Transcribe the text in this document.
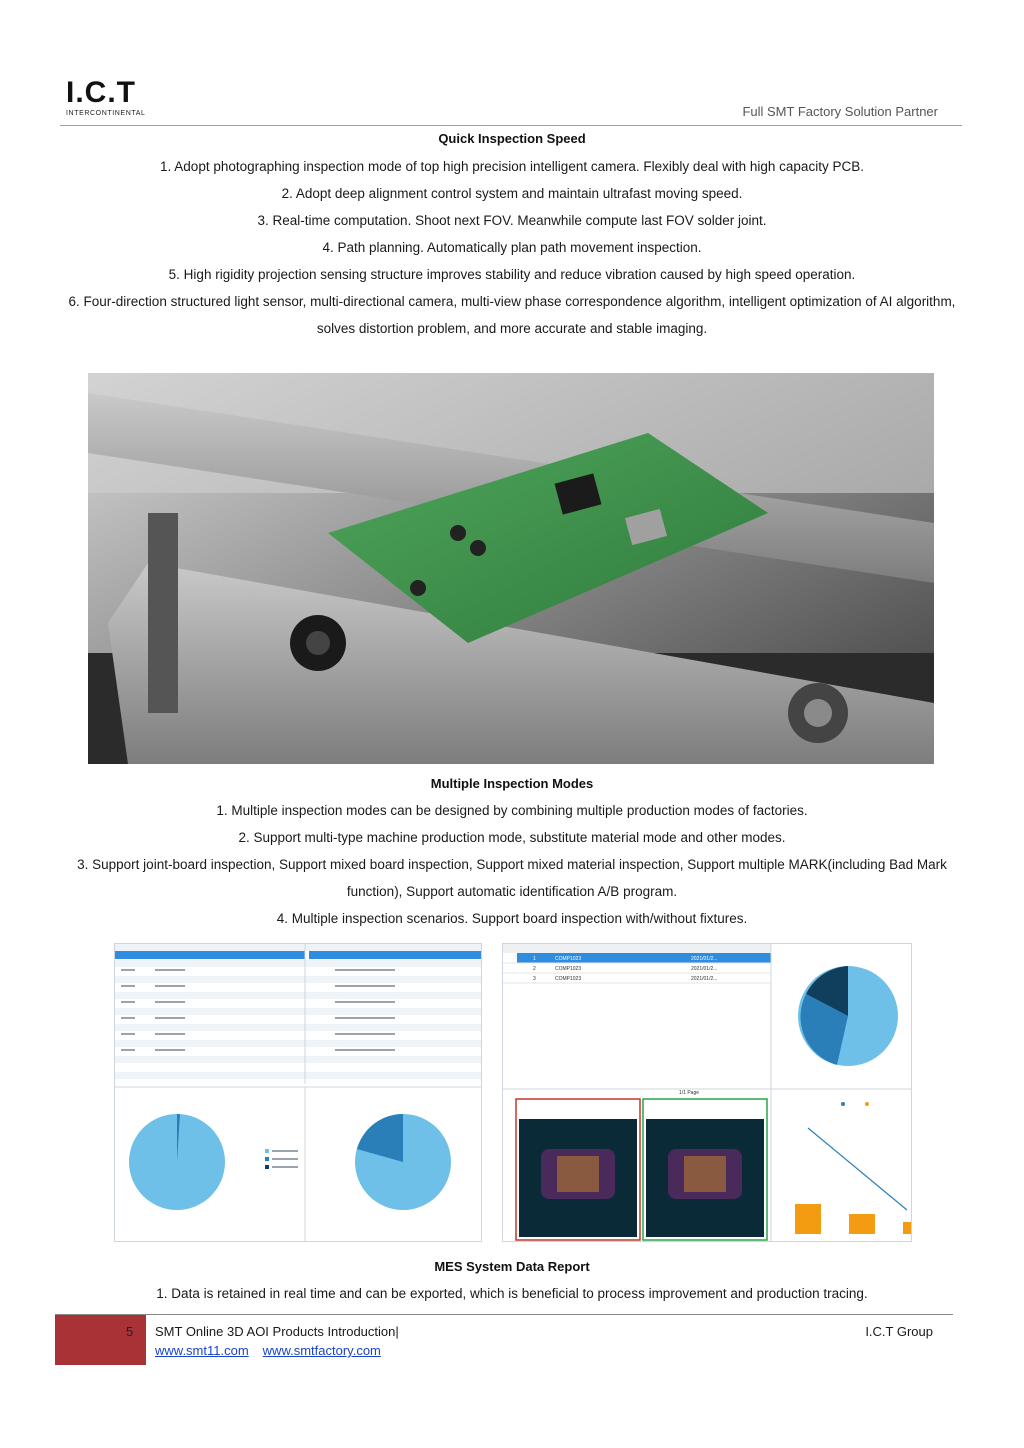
I.C.T
INTERCONTINENTAL	Full SMT Factory Solution Partner
Quick Inspection Speed
1. Adopt photographing inspection mode of top high precision intelligent camera. Flexibly deal with high capacity PCB.
2. Adopt deep alignment control system and maintain ultrafast moving speed.
3. Real-time computation. Shoot next FOV. Meanwhile compute last FOV solder joint.
4. Path planning. Automatically plan path movement inspection.
5. High rigidity projection sensing structure improves stability and reduce vibration caused by high speed operation.
6. Four-direction structured light sensor, multi-directional camera, multi-view phase correspondence algorithm, intelligent optimization of AI algorithm, solves distortion problem, and more accurate and stable imaging.
Multiple Inspection Modes
1. Multiple inspection modes can be designed by combining multiple production modes of factories.
2. Support multi-type machine production mode, substitute material mode and other modes.
3. Support joint-board inspection, Support mixed board inspection, Support mixed material inspection, Support multiple MARK(including Bad Mark function), Support automatic identification A/B program.
4. Multiple inspection scenarios. Support board inspection with/without fixtures.
1	COMP1023	2021/01/2...
2	COMP1023	2021/01/2...
3	COMP1023	2021/01/2...
1/1 Page
MES System Data Report
1. Data is retained in real time and can be exported, which is beneficial to process improvement and production tracing.
5 SMT Online 3D AOI Products Introduction|	I.C.T Group
www.smt11.com www.smtfactory.com
